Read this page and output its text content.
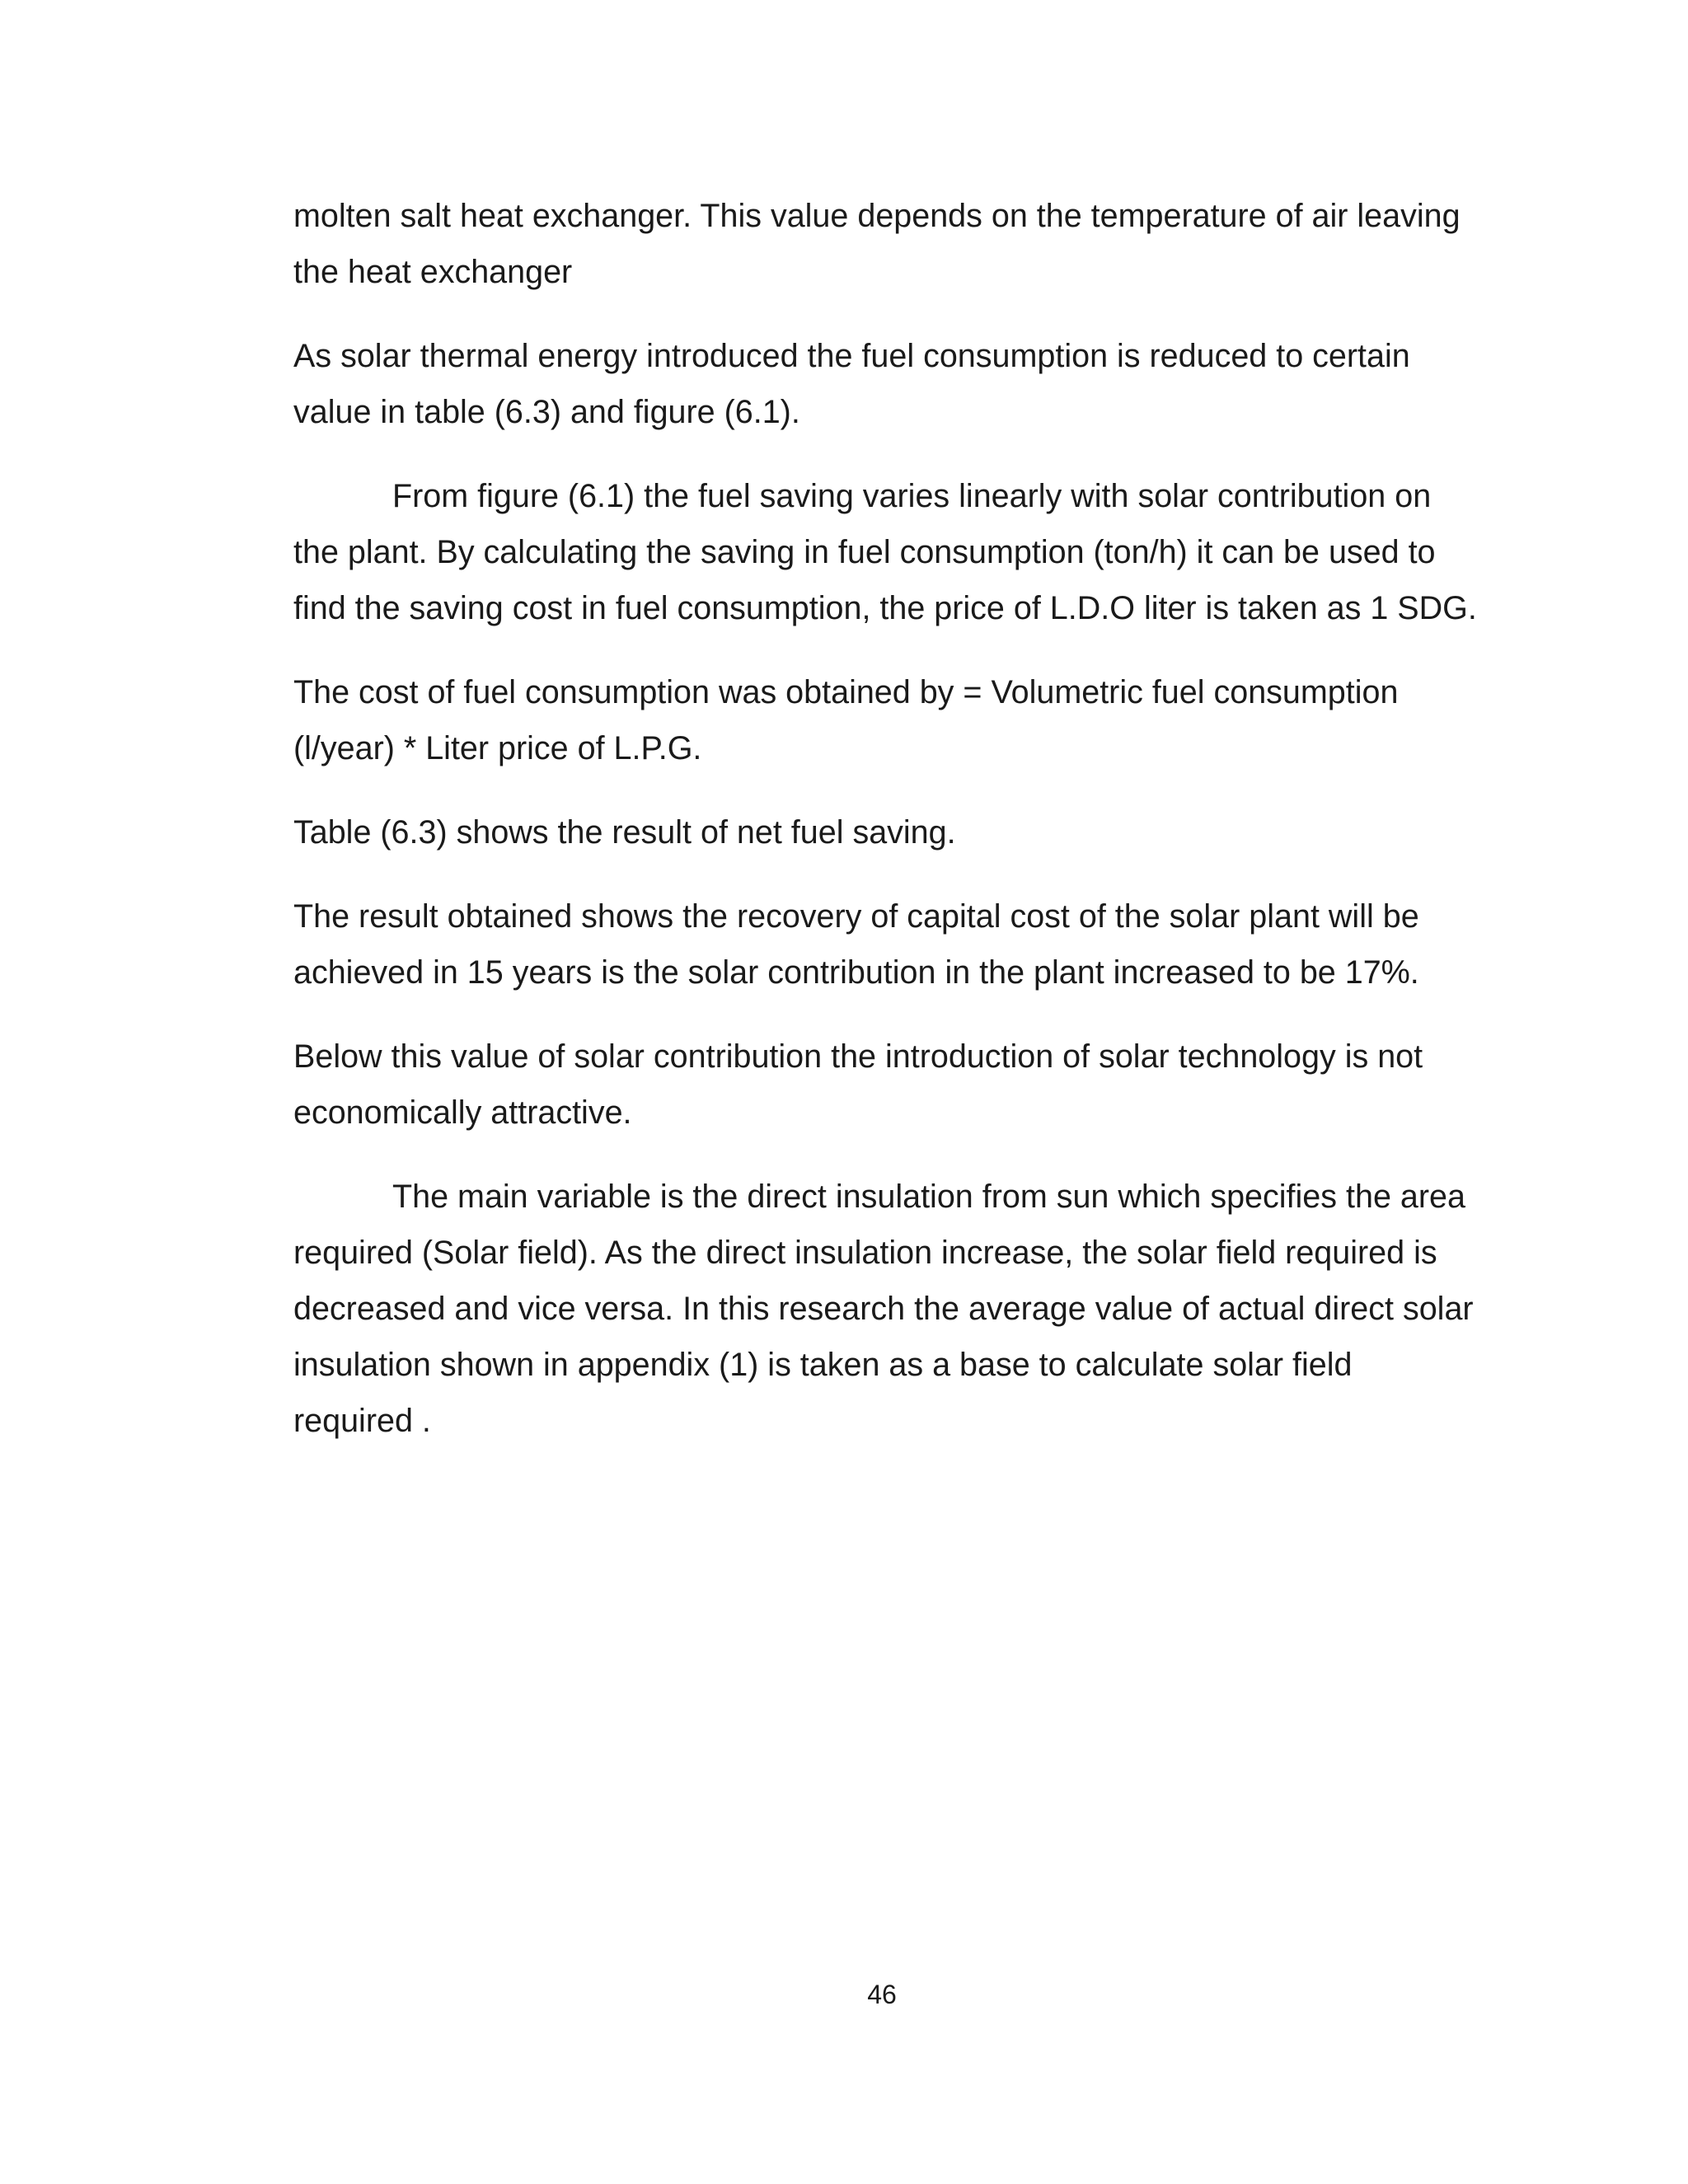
molten salt heat exchanger. This value depends on the temperature of air leaving the heat exchanger

As solar thermal energy introduced the fuel consumption is reduced to certain value in table (6.3) and figure (6.1).

From figure (6.1) the fuel saving varies linearly with solar contribution on the plant. By calculating the saving in fuel consumption (ton/h) it can be used to find the saving cost in fuel consumption, the price of L.D.O liter is taken as 1 SDG.

The cost of fuel consumption was obtained by = Volumetric fuel consumption (l/year) * Liter price of L.P.G.

Table (6.3) shows the result of net fuel saving.

The result obtained shows the recovery of capital cost of the solar plant will be achieved in 15 years is the solar contribution in the plant increased to be 17%.

Below this value of solar contribution the introduction of solar technology is not economically attractive.

The main variable is the direct insulation from sun which specifies the area required (Solar field). As the direct insulation increase, the solar field required is decreased and vice versa. In this research the average value of actual direct solar insulation shown in appendix (1) is taken as a base to calculate solar field required .

46
